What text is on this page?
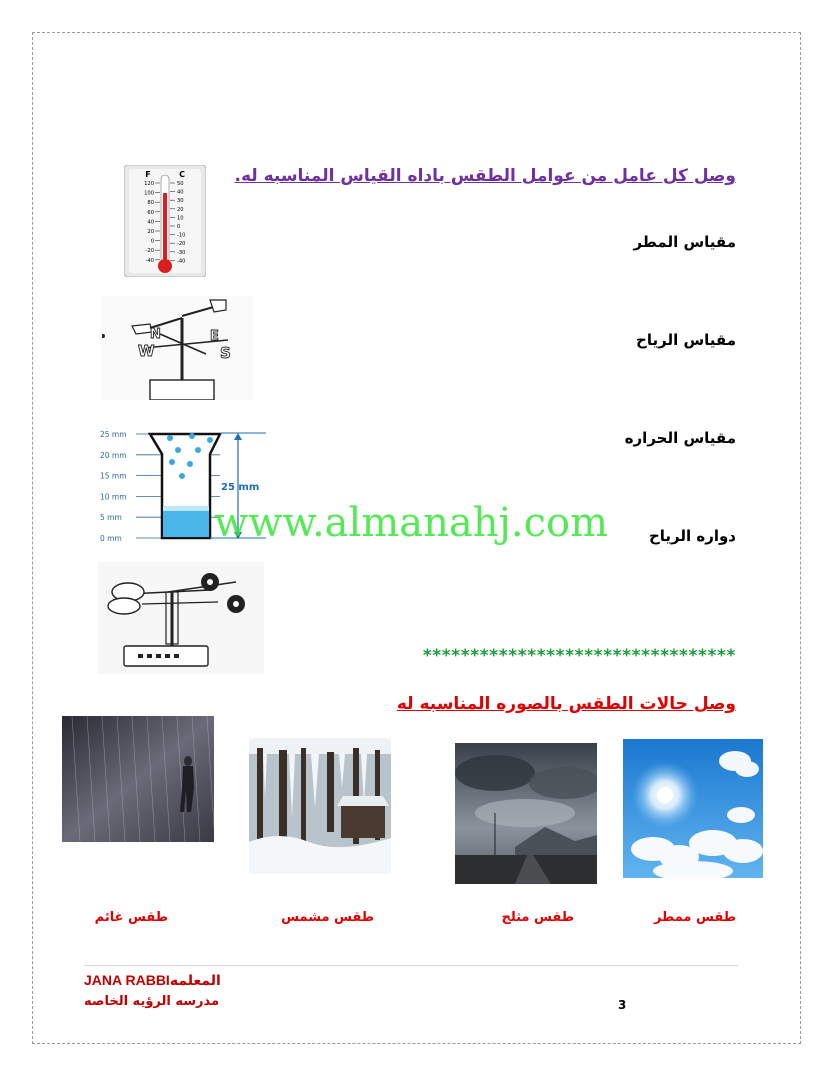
وصل كل عامل من عوامل الطقس باداه القياس المناسبه له.
مقياس المطر
مقياس الرياح
مقياس الحراره
دواره الرياح
F	C
120
100
80
60
40
20
0
-20
-40
50
40
30
20
10
0
-10
-20
-30
-40
N	E
W	S
25 mm
20 mm
15 mm
10 mm
5 mm
0 mm
25 mm
www.almanahj.com
*********************************
وصل حالات الطقس بالصوره المناسبه له
طقس ممطر
طقس مثلج
طقس مشمس
طقس غائم
JANA RABBIالمعلمه
مدرسه الرؤيه الخاصه	3
